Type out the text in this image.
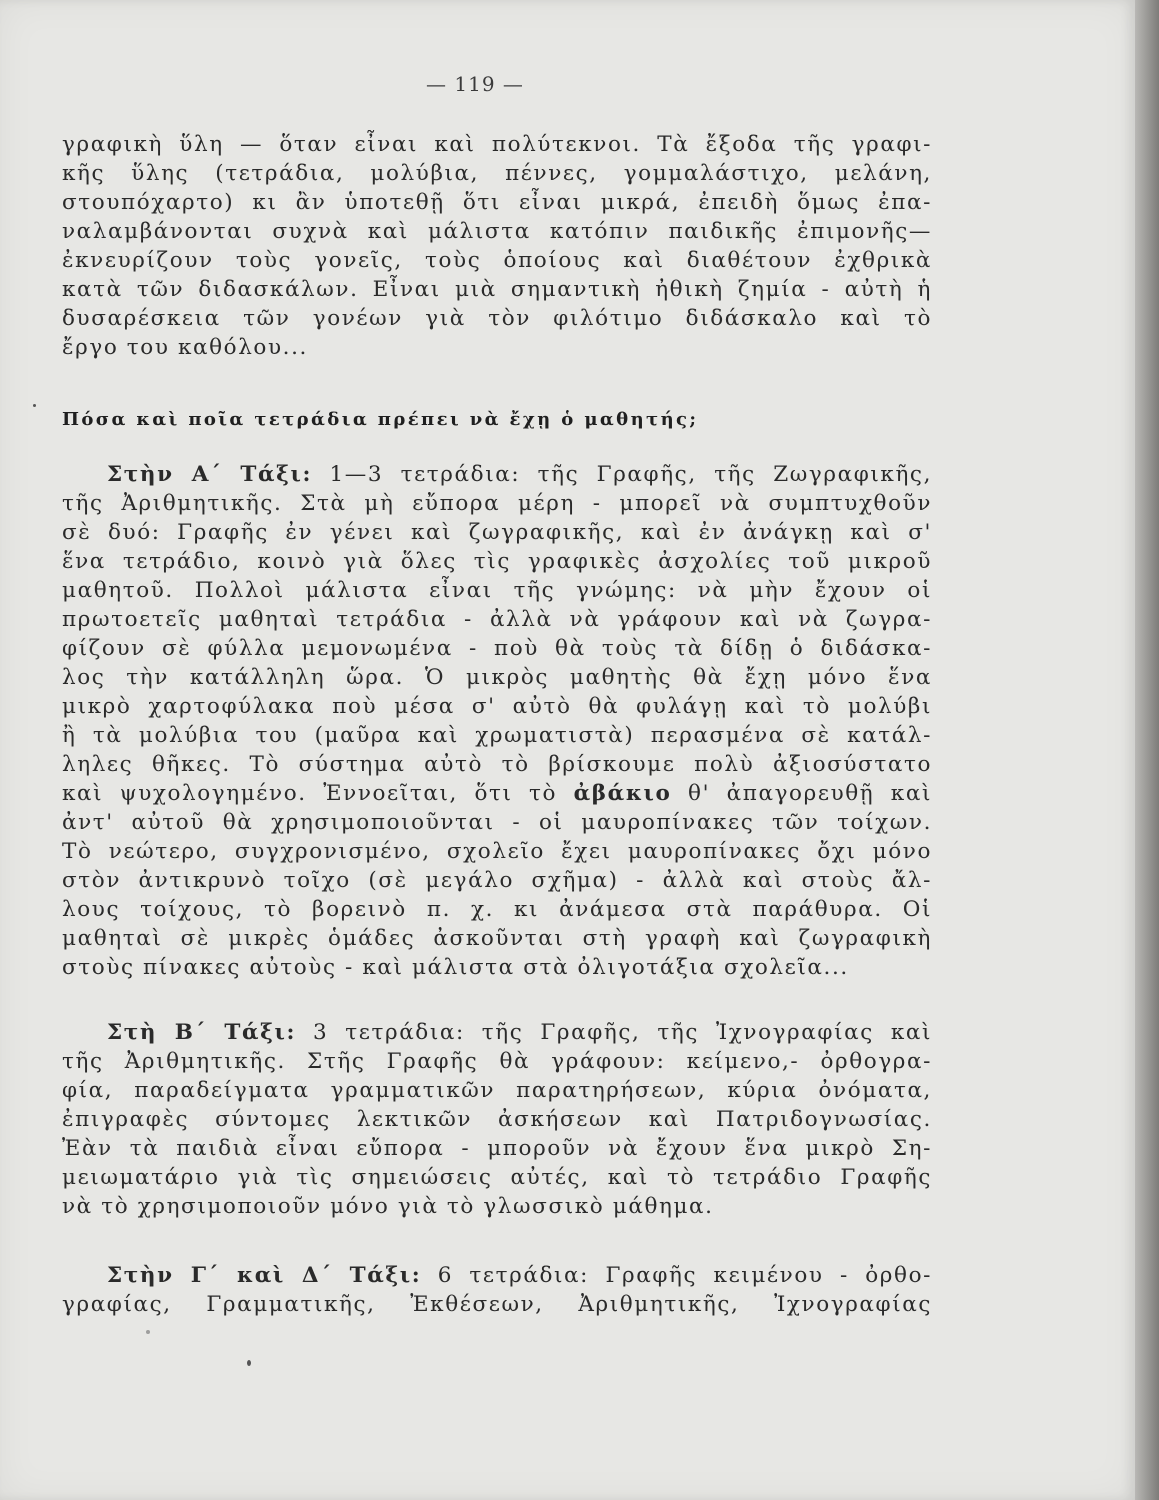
— 119 —
γραφικὴ ὕλη — ὅταν εἶναι καὶ πολύτεκνοι. Τὰ ἔξοδα τῆς γραφι-
κῆς ὕλης (τετράδια, μολύβια, πέννες, γομμαλάστιχο, μελάνη,
στουπόχαρτο) κι ἂν ὑποτεθῇ ὅτι εἶναι μικρά, ἐπειδὴ ὅμως ἐπα-
ναλαμβάνονται συχνὰ καὶ μάλιστα κατόπιν παιδικῆς ἐπιμονῆς—
ἐκνευρίζουν τοὺς γονεῖς, τοὺς ὁποίους καὶ διαθέτουν ἐχθρικὰ
κατὰ τῶν διδασκάλων. Εἶναι μιὰ σημαντικὴ ἠθικὴ ζημία - αὐτὴ ἡ
δυσαρέσκεια τῶν γονέων γιὰ τὸν φιλότιμο διδάσκαλο καὶ τὸ
ἔργο του καθόλου...
Πόσα καὶ ποῖα τετράδια πρέπει νὰ ἔχῃ ὁ μαθητής;
Στὴν Α΄ Τάξι: 1—3 τετράδια: τῆς Γραφῆς, τῆς Ζωγραφικῆς,
τῆς Ἀριθμητικῆς. Στὰ μὴ εὔπορα μέρη - μπορεῖ νὰ συμπτυχθοῦν
σὲ δυό: Γραφῆς ἐν γένει καὶ ζωγραφικῆς, καὶ ἐν ἀνάγκῃ καὶ σ'
ἕνα τετράδιο, κοινὸ γιὰ ὅλες τὶς γραφικὲς ἀσχολίες τοῦ μικροῦ
μαθητοῦ. Πολλοὶ μάλιστα εἶναι τῆς γνώμης: νὰ μὴν ἔχουν οἱ
πρωτοετεῖς μαθηταὶ τετράδια - ἀλλὰ νὰ γράφουν καὶ νὰ ζωγρα-
φίζουν σὲ φύλλα μεμονωμένα - ποὺ θὰ τοὺς τὰ δίδῃ ὁ διδάσκα-
λος τὴν κατάλληλη ὥρα. Ὁ μικρὸς μαθητὴς θὰ ἔχῃ μόνο ἕνα
μικρὸ χαρτοφύλακα ποὺ μέσα σ' αὐτὸ θὰ φυλάγῃ καὶ τὸ μολύβι
ἢ τὰ μολύβια του (μαῦρα καὶ χρωματιστὰ) περασμένα σὲ κατάλ-
ληλες θῆκες. Τὸ σύστημα αὐτὸ τὸ βρίσκουμε πολὺ ἀξιοσύστατο
καὶ ψυχολογημένο. Ἐννοεῖται, ὅτι τὸ ἀβάκιο θ' ἀπαγορευθῇ καὶ
ἀντ' αὐτοῦ θὰ χρησιμοποιοῦνται - οἱ μαυροπίνακες τῶν τοίχων.
Τὸ νεώτερο, συγχρονισμένο, σχολεῖο ἔχει μαυροπίνακες ὄχι μόνο
στὸν ἀντικρυνὸ τοῖχο (σὲ μεγάλο σχῆμα) - ἀλλὰ καὶ στοὺς ἄλ-
λους τοίχους, τὸ βορεινὸ π. χ. κι ἀνάμεσα στὰ παράθυρα. Οἱ
μαθηταὶ σὲ μικρὲς ὁμάδες ἀσκοῦνται στὴ γραφὴ καὶ ζωγραφικὴ
στοὺς πίνακες αὐτοὺς - καὶ μάλιστα στὰ ὀλιγοτάξια σχολεῖα...
Στὴ Β΄ Τάξι: 3 τετράδια: τῆς Γραφῆς, τῆς Ἰχνογραφίας καὶ
τῆς Ἀριθμητικῆς. Στῆς Γραφῆς θὰ γράφουν: κείμενο,- ὀρθογρα-
φία, παραδείγματα γραμματικῶν παρατηρήσεων, κύρια ὀνόματα,
ἐπιγραφὲς σύντομες λεκτικῶν ἀσκήσεων καὶ Πατριδογνωσίας.
Ἐὰν τὰ παιδιὰ εἶναι εὔπορα - μποροῦν νὰ ἔχουν ἕνα μικρὸ Ση-
μειωματάριο γιὰ τὶς σημειώσεις αὐτές, καὶ τὸ τετράδιο Γραφῆς
νὰ τὸ χρησιμοποιοῦν μόνο γιὰ τὸ γλωσσικὸ μάθημα.
Στὴν Γ΄ καὶ Δ΄ Τάξι: 6 τετράδια: Γραφῆς κειμένου - ὀρθο-
γραφίας, Γραμματικῆς, Ἐκθέσεων, Ἀριθμητικῆς, Ἰχνογραφίας
